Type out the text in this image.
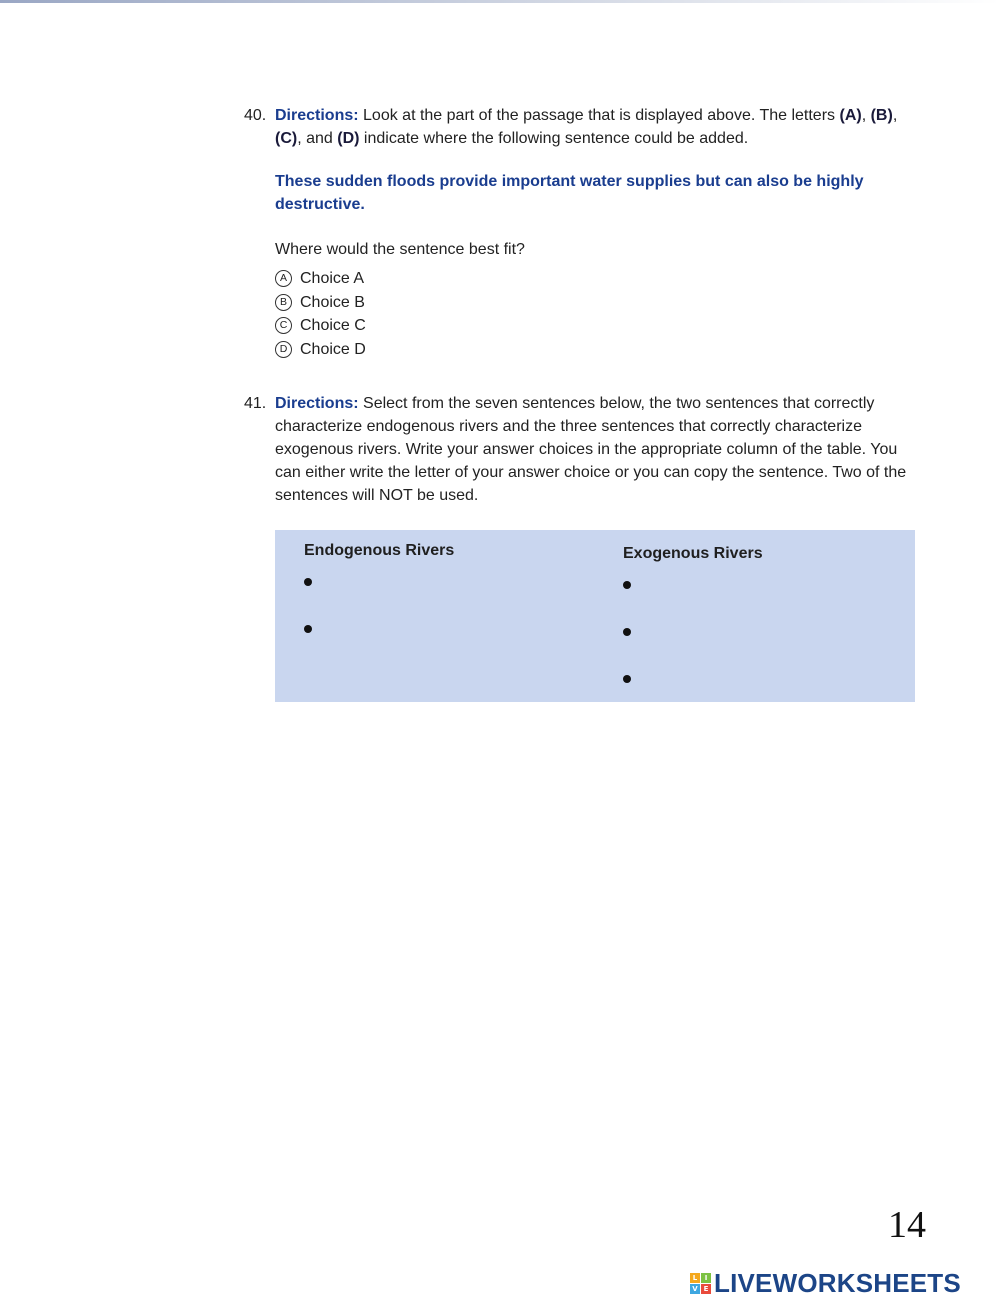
40. Directions: Look at the part of the passage that is displayed above. The letters (A), (B), (C), and (D) indicate where the following sentence could be added.
These sudden floods provide important water supplies but can also be highly destructive.
Where would the sentence best fit?
A Choice A
B Choice B
C Choice C
D Choice D
41. Directions: Select from the seven sentences below, the two sentences that correctly characterize endogenous rivers and the three sentences that correctly characterize exogenous rivers. Write your answer choices in the appropriate column of the table. You can either write the letter of your answer choice or you can copy the sentence. Two of the sentences will NOT be used.
Endogenous Rivers	Exogenous Rivers
14
L	I
V E LIVEWORKSHEETS
